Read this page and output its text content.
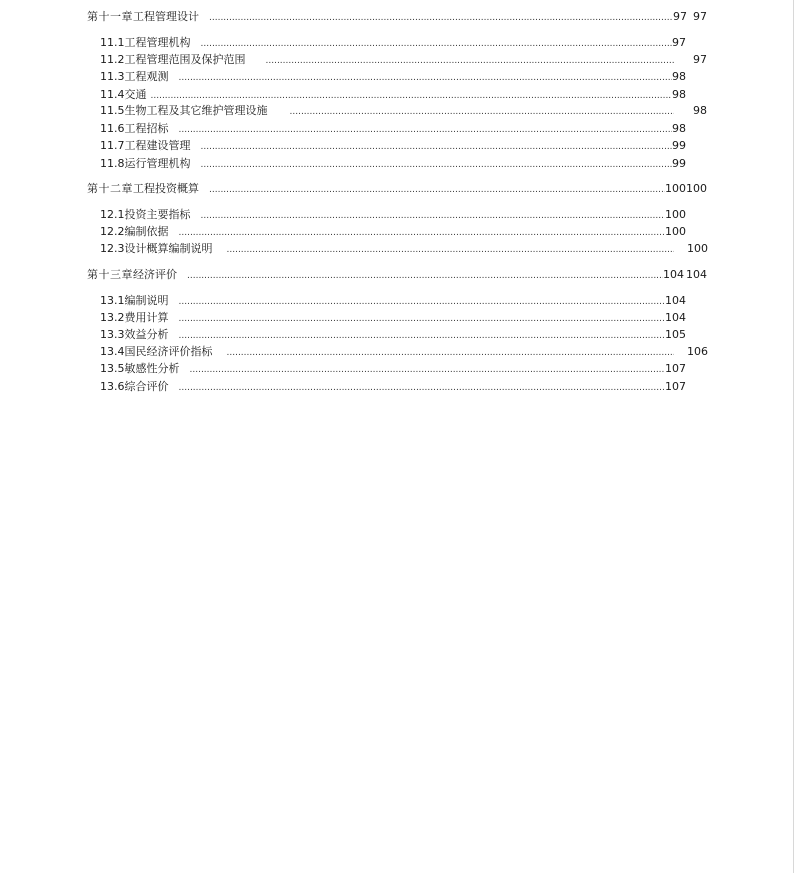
第十一章 工程管理设计 .....	97 97
11.1 工程管理机构 .....	97
11.2 工程管理范围及保护范围 .....	97
11.3 工程观测 .....	98
11.4 交通 .....	98
11.5 生物工程及其它维护管理设施 .....	98
11.6 工程招标 .....	98
11.7 工程建设管理 .....	99
11.8 运行管理机构 .....	99
第十二章 工程投资概算 .....	100100
12.1 投资主要指标 .....	100
12.2 编制依据 .....	100
12.3 设计概算编制说明 .....	100
第十三章 经济评价 .....	104 104
13.1 编制说明 .....	104
13.2 费用计算 .....	104
13.3 效益分析 .....	105
13.4 国民经济评价指标 .....	106
13.5 敏感性分析 .....	107
13.6 综合评价 .....	107
